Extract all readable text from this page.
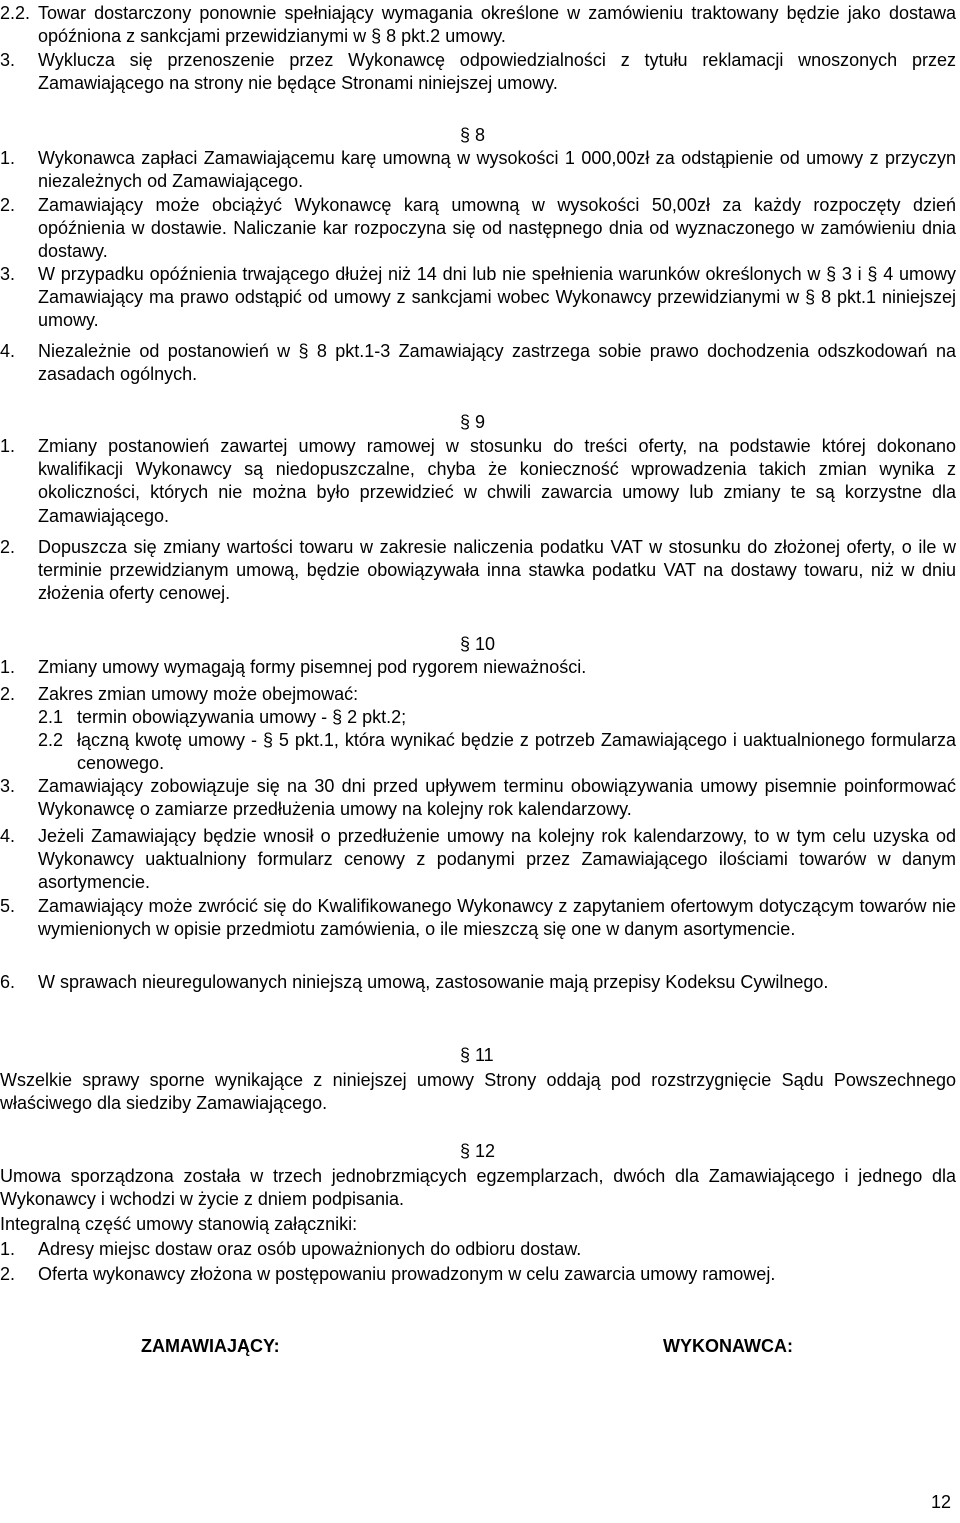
2.2. Towar dostarczony ponownie spełniający wymagania określone w zamówieniu traktowany będzie jako dostawa opóźniona z sankcjami przewidzianymi w § 8 pkt.2 umowy.
3. Wyklucza się przenoszenie przez Wykonawcę odpowiedzialności z tytułu reklamacji wnoszonych przez Zamawiającego na strony nie będące Stronami niniejszej umowy.
§ 8
1. Wykonawca zapłaci Zamawiającemu karę umowną w wysokości 1 000,00zł za odstąpienie od umowy z przyczyn niezależnych od Zamawiającego.
2. Zamawiający może obciążyć Wykonawcę karą umowną w wysokości 50,00zł za każdy rozpoczęty dzień opóźnienia w dostawie. Naliczanie kar rozpoczyna się od następnego dnia od wyznaczonego w zamówieniu dnia dostawy.
3. W przypadku opóźnienia trwającego dłużej niż 14 dni lub nie spełnienia warunków określonych w § 3 i § 4 umowy Zamawiający ma prawo odstąpić od umowy z sankcjami wobec Wykonawcy przewidzianymi w § 8 pkt.1 niniejszej umowy.
4. Niezależnie od postanowień w § 8 pkt.1-3 Zamawiający zastrzega sobie prawo dochodzenia odszkodowań na zasadach ogólnych.
§ 9
1. Zmiany postanowień zawartej umowy ramowej w stosunku do treści oferty, na podstawie której dokonano kwalifikacji Wykonawcy są niedopuszczalne, chyba że konieczność wprowadzenia takich zmian wynika z okoliczności, których nie można było przewidzieć w chwili zawarcia umowy lub zmiany te są korzystne dla Zamawiającego.
2. Dopuszcza się zmiany wartości towaru w zakresie naliczenia podatku VAT w stosunku do złożonej oferty, o ile w terminie przewidzianym umową, będzie obowiązywała inna stawka podatku VAT na dostawy towaru, niż w dniu złożenia oferty cenowej.
§ 10
1. Zmiany umowy wymagają formy pisemnej pod rygorem nieważności.
2. Zakres zmian umowy może obejmować:
2.1 termin obowiązywania umowy - § 2 pkt.2;
2.2 łączną kwotę umowy - § 5 pkt.1, która wynikać będzie z potrzeb Zamawiającego i uaktualnionego formularza cenowego.
3. Zamawiający zobowiązuje się na 30 dni przed upływem terminu obowiązywania umowy pisemnie poinformować Wykonawcę o zamiarze przedłużenia umowy na kolejny rok kalendarzowy.
4. Jeżeli Zamawiający będzie wnosił o przedłużenie umowy na kolejny rok kalendarzowy, to w tym celu uzyska od Wykonawcy uaktualniony formularz cenowy z podanymi przez Zamawiającego ilościami towarów w danym asortymencie.
5. Zamawiający może zwrócić się do Kwalifikowanego Wykonawcy z zapytaniem ofertowym dotyczącym towarów nie wymienionych w opisie przedmiotu zamówienia, o ile mieszczą się one w danym asortymencie.
6. W sprawach nieuregulowanych niniejszą umową, zastosowanie mają przepisy Kodeksu Cywilnego.
§ 11
Wszelkie sprawy sporne wynikające z niniejszej umowy Strony oddają pod rozstrzygnięcie Sądu Powszechnego właściwego dla siedziby Zamawiającego.
§ 12
Umowa sporządzona została w trzech jednobrzmiących egzemplarzach, dwóch dla Zamawiającego i jednego dla Wykonawcy i wchodzi w życie z dniem podpisania.
Integralną część umowy stanowią załączniki:
1. Adresy miejsc dostaw oraz osób upoważnionych do odbioru dostaw.
2. Oferta wykonawcy złożona w postępowaniu prowadzonym w celu zawarcia umowy ramowej.
ZAMAWIAJĄCY:	WYKONAWCA:
12
